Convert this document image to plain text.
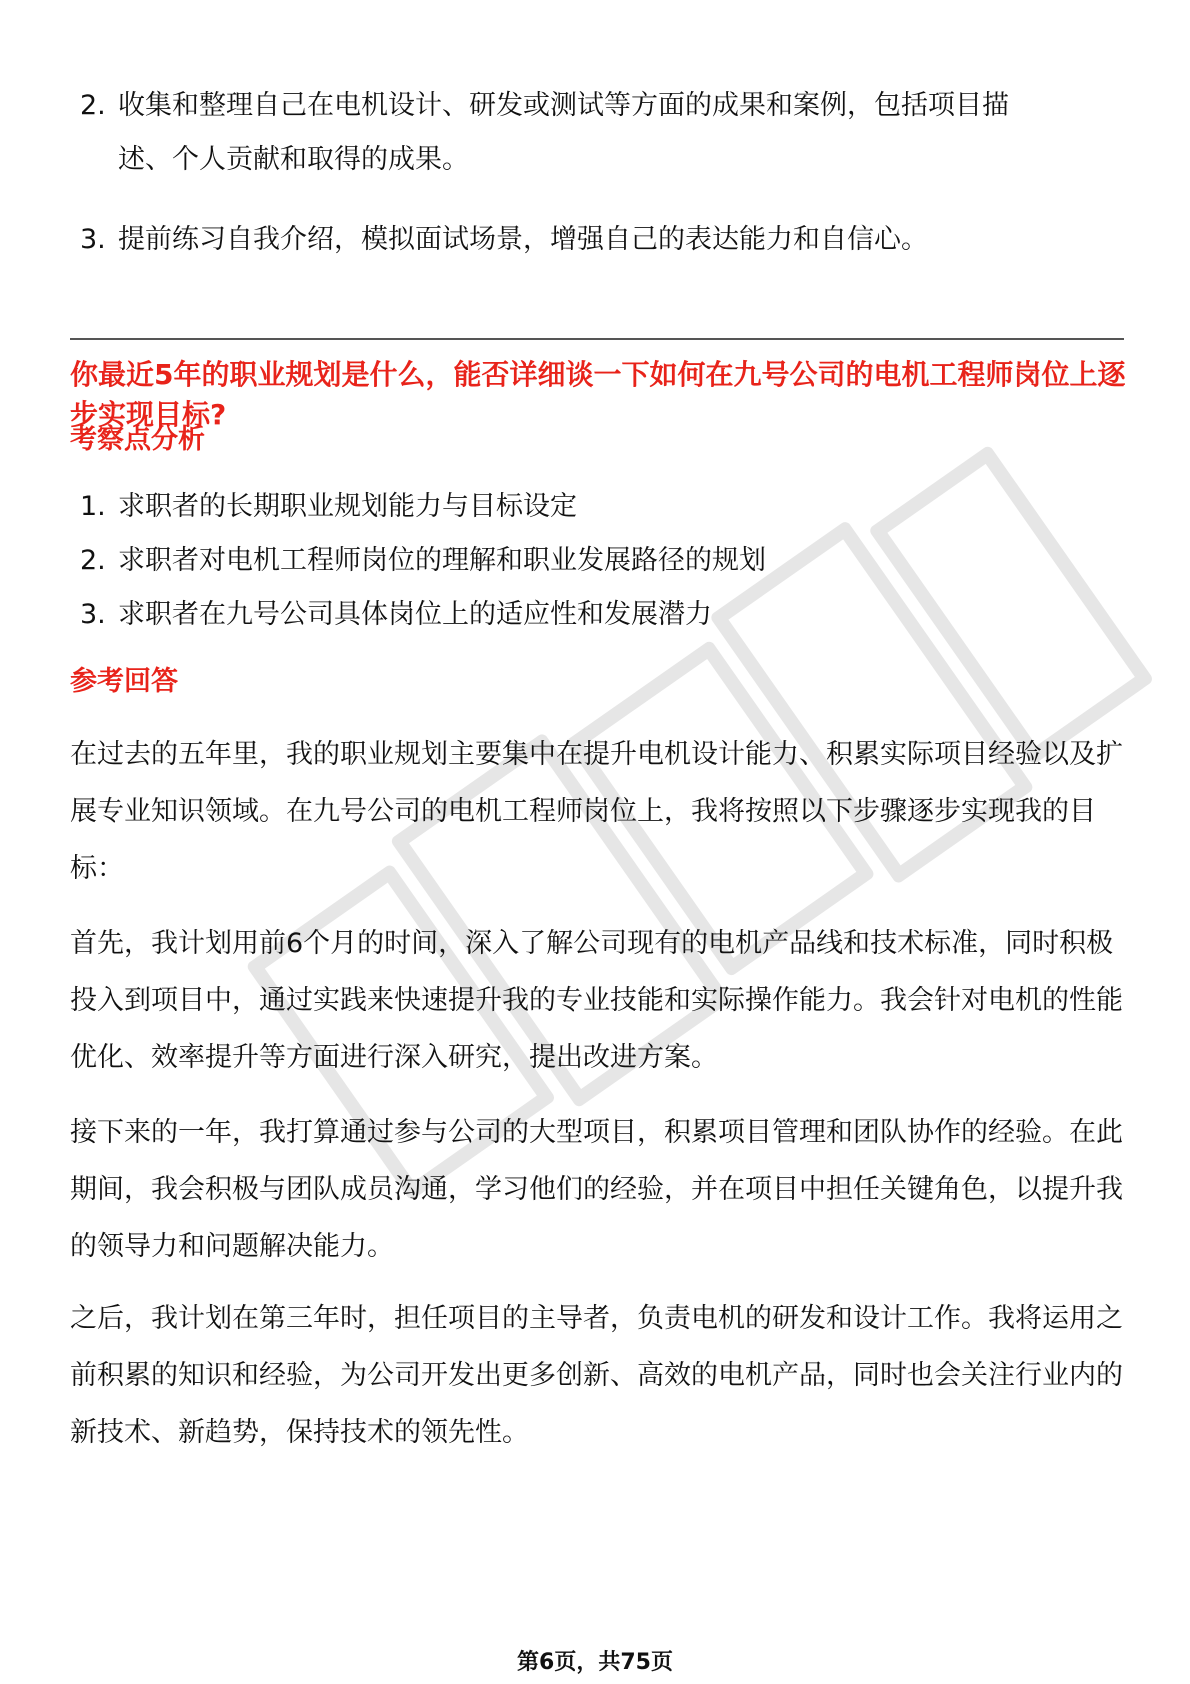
2. 收集和整理自己在电机设计、研发或测试等方面的成果和案例，包括项目描
述、个人贡献和取得的成果。
3. 提前练习自我介绍，模拟面试场景，增强自己的表达能力和自信心。
你最近5年的职业规划是什么，能否详细谈一下如何在九号公司的电机工程师岗位上逐步实现目标?
考察点分析
1. 求职者的长期职业规划能力与目标设定
2. 求职者对电机工程师岗位的理解和职业发展路径的规划
3. 求职者在九号公司具体岗位上的适应性和发展潜力
参考回答
在过去的五年里，我的职业规划主要集中在提升电机设计能力、积累实际项目经验以及扩展专业知识领域。在九号公司的电机工程师岗位上，我将按照以下步骤逐步实现我的目标：
首先，我计划用前6个月的时间，深入了解公司现有的电机产品线和技术标准，同时积极投入到项目中，通过实践来快速提升我的专业技能和实际操作能力。我会针对电机的性能优化、效率提升等方面进行深入研究，提出改进方案。
接下来的一年，我打算通过参与公司的大型项目，积累项目管理和团队协作的经验。在此期间，我会积极与团队成员沟通，学习他们的经验，并在项目中担任关键角色，以提升我的领导力和问题解决能力。
之后，我计划在第三年时，担任项目的主导者，负责电机的研发和设计工作。我将运用之前积累的知识和经验，为公司开发出更多创新、高效的电机产品，同时也会关注行业内的新技术、新趋势，保持技术的领先性。
第6页，共75页
